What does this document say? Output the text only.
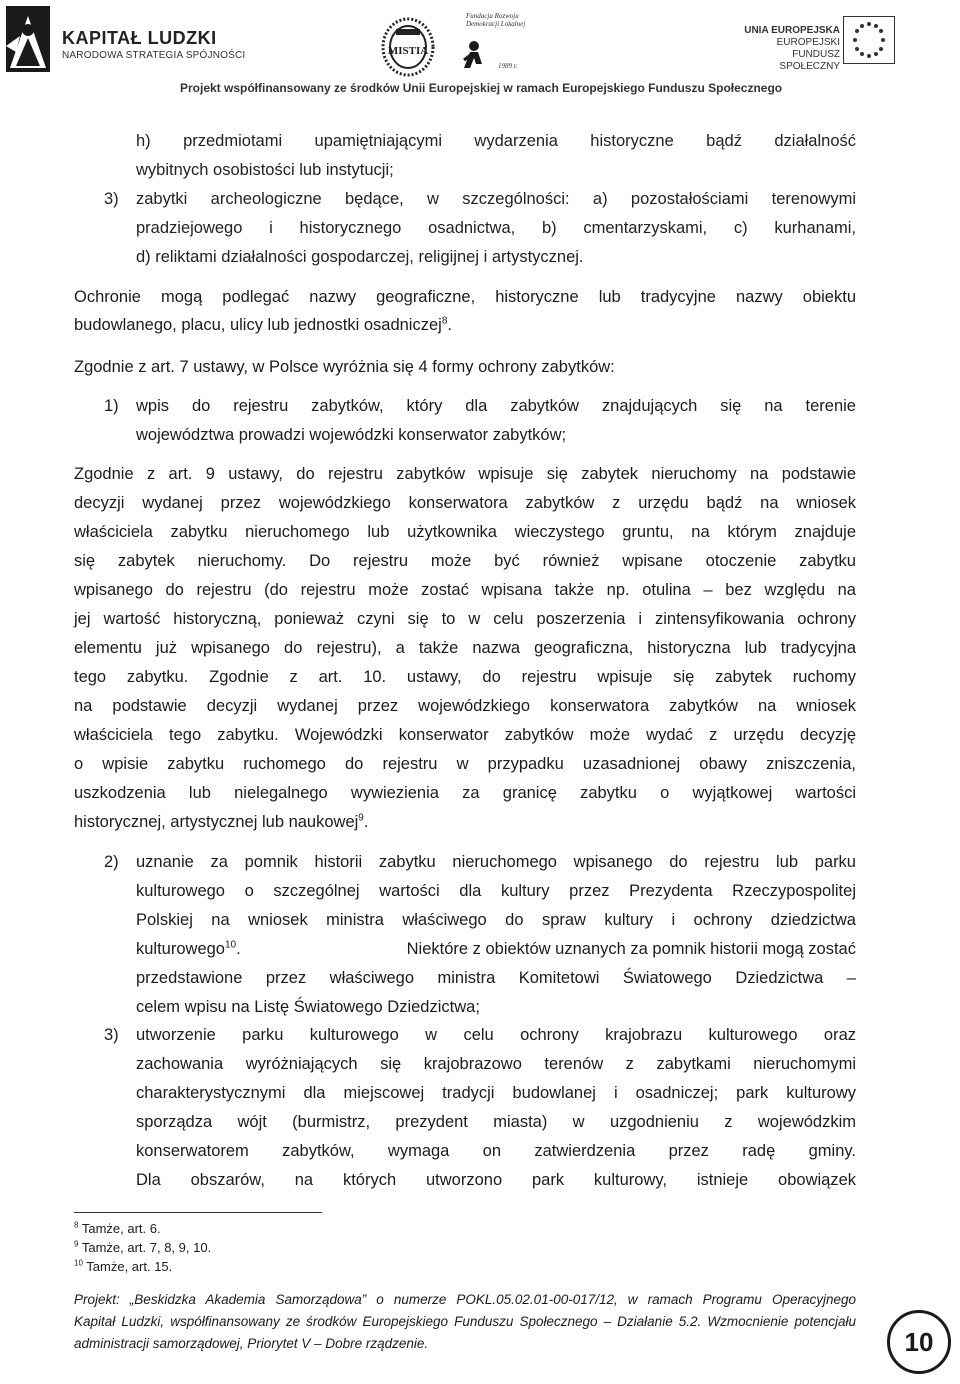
KAPITAŁ LUDZKI
NARODOWA STRATEGIA SPÓJNOŚCI	MISTIA
Fundacja Rozwoju
Demokracji Lokalnej
1989 r.
UNIA EUROPEJSKA
EUROPEJSKI
FUNDUSZ SPOŁECZNY
Projekt współfinansowany ze środków Unii Europejskiej w ramach Europejskiego Funduszu Społecznego
h) przedmiotami upamiętniającymi wydarzenia historyczne bądź działalność
wybitnych osobistości lub instytucji;
3) zabytki archeologiczne będące, w szczególności: a) pozostałościami terenowymi
pradziejowego i historycznego osadnictwa, b) cmentarzyskami, c) kurhanami,
d) reliktami działalności gospodarczej, religijnej i artystycznej.
Ochronie mogą podlegać nazwy geograficzne, historyczne lub tradycyjne nazwy obiektu
budowlanego, placu, ulicy lub jednostki osadniczej$^8$.
Zgodnie z art. 7 ustawy, w Polsce wyróżnia się 4 formy ochrony zabytków:
1) wpis do rejestru zabytków, który dla zabytków znajdujących się na terenie
województwa prowadzi wojewódzki konserwator zabytków;
Zgodnie z art. 9 ustawy, do rejestru zabytków wpisuje się zabytek nieruchomy na podstawie
decyzji wydanej przez wojewódzkiego konserwatora zabytków z urzędu bądź na wniosek
właściciela zabytku nieruchomego lub użytkownika wieczystego gruntu, na którym znajduje
się zabytek nieruchomy. Do rejestru może być również wpisane otoczenie zabytku
wpisanego do rejestru (do rejestru może zostać wpisana także np. otulina – bez względu na
jej wartość historyczną, ponieważ czyni się to w celu poszerzenia i zintensyfikowania ochrony
elementu już wpisanego do rejestru), a także nazwa geograficzna, historyczna lub tradycyjna
tego zabytku. Zgodnie z art. 10. ustawy, do rejestru wpisuje się zabytek ruchomy
na podstawie decyzji wydanej przez wojewódzkiego konserwatora zabytków na wniosek
właściciela tego zabytku. Wojewódzki konserwator zabytków może wydać z urzędu decyzję
o wpisie zabytku ruchomego do rejestru w przypadku uzasadnionej obawy zniszczenia,
uszkodzenia lub nielegalnego wywiezienia za granicę zabytku o wyjątkowej wartości
historycznej, artystycznej lub naukowej$^9$.
2) uznanie za pomnik historii zabytku nieruchomego wpisanego do rejestru lub parku
kulturowego o szczególnej wartości dla kultury przez Prezydenta Rzeczypospolitej
Polskiej na wniosek ministra właściwego do spraw kultury i ochrony dziedzictwa
kulturowego$^{10}$.	Niektóre z obiektów uznanych za pomnik historii mogą zostać
przedstawione przez właściwego ministra Komitetowi Światowego Dziedzictwa –
celem wpisu na Listę Światowego Dziedzictwa;
3) utworzenie parku kulturowego w celu ochrony krajobrazu kulturowego oraz
zachowania wyróżniających się krajobrazowo terenów z zabytkami nieruchomymi
charakterystycznymi dla miejscowej tradycji budowlanej i osadniczej; park kulturowy
sporządza wójt (burmistrz, prezydent miasta) w uzgodnieniu z wojewódzkim
konserwatorem zabytków, wymaga on zatwierdzenia przez radę gminy.
Dla obszarów, na których utworzono park kulturowy, istnieje obowiązek
$^8$ Tamże, art. 6.
$^9$ Tamże, art. 7, 8, 9, 10.
$^{10}$ Tamże, art. 15.
Projekt: „Beskidzka Akademia Samorządowa” o numerze POKL.05.02.01-00-017/12, w ramach Programu Operacyjnego
Kapitał Ludzki, współfinansowany ze środków Europejskiego Funduszu Społecznego – Działanie 5.2. Wzmocnienie potencjału
administracji samorządowej, Priorytet V – Dobre rządzenie.	10
